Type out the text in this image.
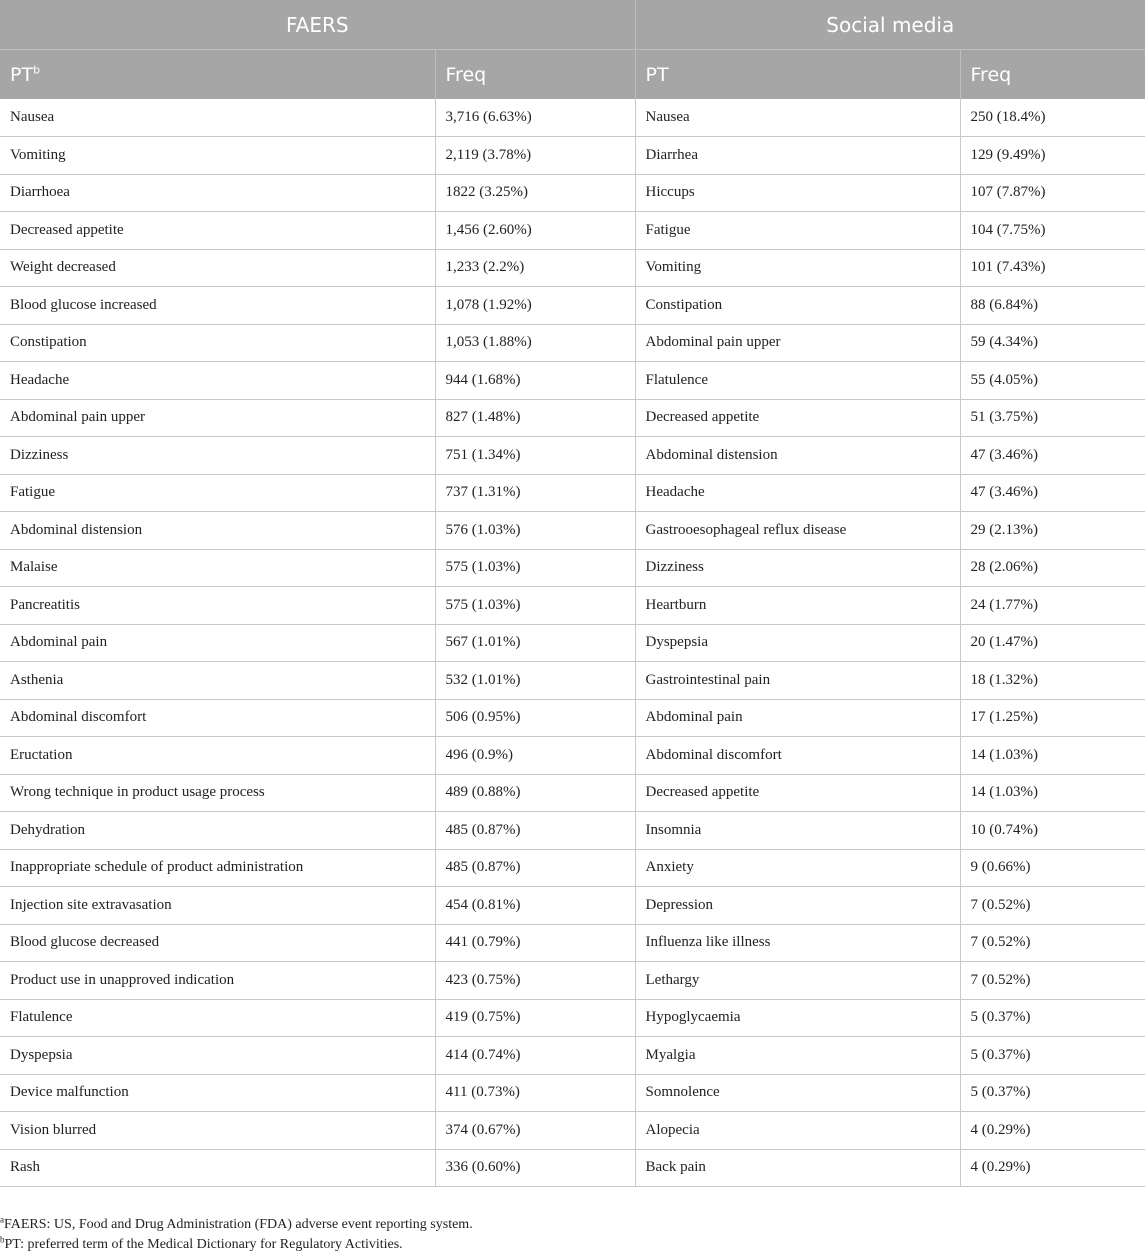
FAERS		Social media	
$PT^b$	Freq	PT	Freq
Nausea	3,716 (6.63%)	Nausea	250 (18.4%)
Vomiting	2,119 (3.78%)	Diarrhea	129 (9.49%)
Diarrhoea	1822 (3.25%)	Hiccups	107 (7.87%)
Decreased appetite	1,456 (2.60%)	Fatigue	104 (7.75%)
Weight decreased	1,233 (2.2%)	Vomiting	101 (7.43%)
Blood glucose increased	1,078 (1.92%)	Constipation	88 (6.84%)
Constipation	1,053 (1.88%)	Abdominal pain upper	59 (4.34%)
Headache	944 (1.68%)	Flatulence	55 (4.05%)
Abdominal pain upper	827 (1.48%)	Decreased appetite	51 (3.75%)
Dizziness	751 (1.34%)	Abdominal distension	47 (3.46%)
Fatigue	737 (1.31%)	Headache	47 (3.46%)
Abdominal distension	576 (1.03%)	Gastrooesophageal reflux disease	29 (2.13%)
Malaise	575 (1.03%)	Dizziness	28 (2.06%)
Pancreatitis	575 (1.03%)	Heartburn	24 (1.77%)
Abdominal pain	567 (1.01%)	Dyspepsia	20 (1.47%)
Asthenia	532 (1.01%)	Gastrointestinal pain	18 (1.32%)
Abdominal discomfort	506 (0.95%)	Abdominal pain	17 (1.25%)
Eructation	496 (0.9%)	Abdominal discomfort	14 (1.03%)
Wrong technique in product usage process	489 (0.88%)	Decreased appetite	14 (1.03%)
Dehydration	485 (0.87%)	Insomnia	10 (0.74%)
Inappropriate schedule of product administration	485 (0.87%)	Anxiety	9 (0.66%)
Injection site extravasation	454 (0.81%)	Depression	7 (0.52%)
Blood glucose decreased	441 (0.79%)	Influenza like illness	7 (0.52%)
Product use in unapproved indication	423 (0.75%)	Lethargy	7 (0.52%)
Flatulence	419 (0.75%)	Hypoglycaemia	5 (0.37%)
Dyspepsia	414 (0.74%)	Myalgia	5 (0.37%)
Device malfunction	411 (0.73%)	Somnolence	5 (0.37%)
Vision blurred	374 (0.67%)	Alopecia	4 (0.29%)
Rash	336 (0.60%)	Back pain	4 (0.29%)
$^a$FAERS: US, Food and Drug Administration (FDA) adverse event reporting system.
$^b$PT: preferred term of the Medical Dictionary for Regulatory Activities.
